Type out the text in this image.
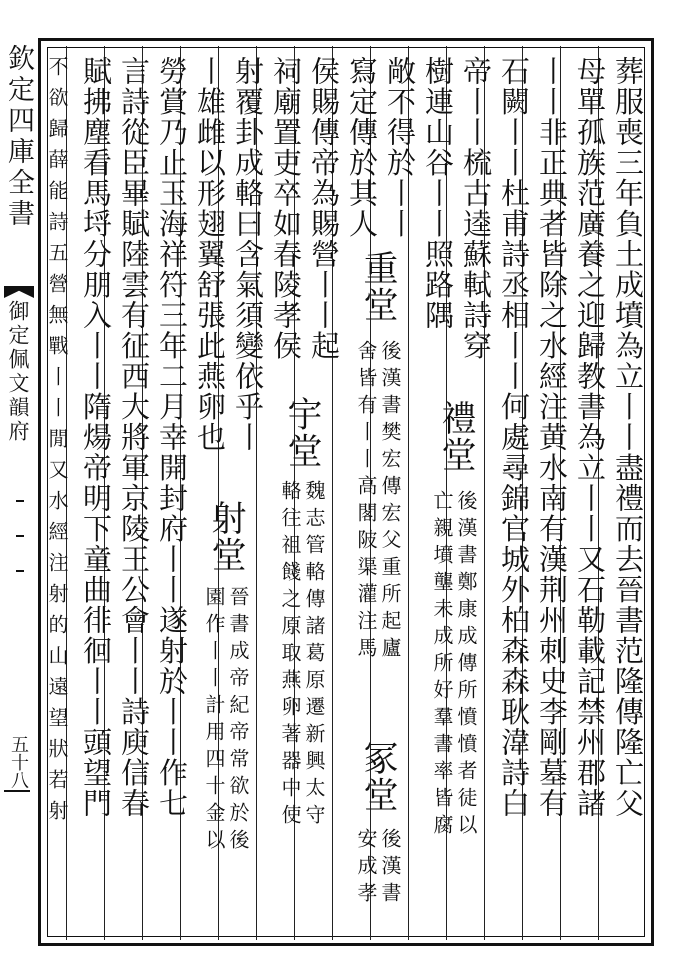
欽定四庫全書
御定佩文韻府
五十八	葬服喪三年負土成墳為立丨丨盡禮而去晉書范隆傳隆亡父
母單孤族范廣養之迎歸教書為立丨丨又石勒載記禁州郡諸
丨丨非正典者皆除之水經注黄水南有漢荆州刺史李剛墓有
石闕丨丨杜甫詩丞相丨丨何處尋錦官城外柏森森耿湋詩白
帝丨丨梳古逵蘇軾詩穿
樹連山谷丨丨照路隅
禮堂
後漢書鄭康成傳所憤憤者徒以
亡親墳壟未成所好羣書率皆腐
敞不得於丨丨
寫定傳於其人
重堂
後漢書樊宏傳宏父重所起廬
舍皆有丨丨高閣陂渠灌注馬
冢堂
後漢書
安成孝
侯賜傳帝為賜營丨丨起
祠廟置吏卒如春陵孝侯
宇堂
魏志管輅傳諸葛原遷新興太守
輅往祖餞之原取燕卵著器中使
射覆卦成輅曰含氣須變依乎丨
丨雄雌以形翅翼舒張此燕卵也
射堂
晉書成帝紀帝常欲於後
園作丨丨計用四十金以
勞賞乃止玉海祥符三年二月幸開封府丨丨遂射於丨丨作七
言詩從臣畢賦陸雲有征西大將軍京陵王公會丨丨詩庾信春
賦拂塵看馬埒分朋入丨丨隋煬帝明下童曲徘徊丨丨頭望門
不欲歸薛能詩五營無戰丨丨閒又水經注射的山遠望狀若射
